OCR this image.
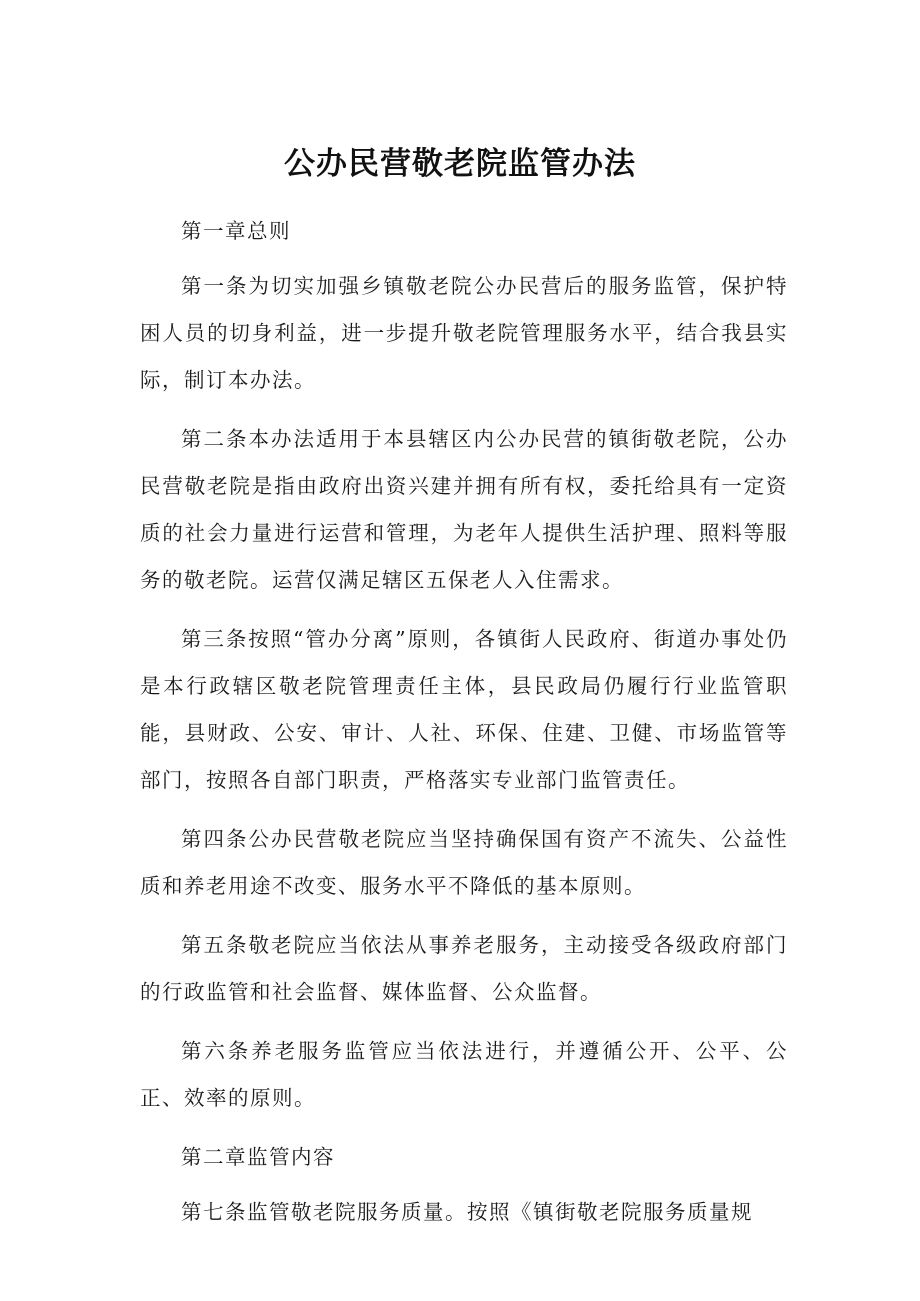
公办民营敬老院监管办法

第一章总则

第一条为切实加强乡镇敬老院公办民营后的服务监管，保护特困人员的切身利益，进一步提升敬老院管理服务水平，结合我县实际，制订本办法。

第二条本办法适用于本县辖区内公办民营的镇街敬老院，公办民营敬老院是指由政府出资兴建并拥有所有权，委托给具有一定资质的社会力量进行运营和管理，为老年人提供生活护理、照料等服务的敬老院。运营仅满足辖区五保老人入住需求。

第三条按照“管办分离”原则，各镇街人民政府、街道办事处仍是本行政辖区敬老院管理责任主体，县民政局仍履行行业监管职能，县财政、公安、审计、人社、环保、住建、卫健、市场监管等部门，按照各自部门职责，严格落实专业部门监管责任。

第四条公办民营敬老院应当坚持确保国有资产不流失、公益性质和养老用途不改变、服务水平不降低的基本原则。

第五条敬老院应当依法从事养老服务，主动接受各级政府部门的行政监管和社会监督、媒体监督、公众监督。

第六条养老服务监管应当依法进行，并遵循公开、公平、公正、效率的原则。

第二章监管内容

第七条监管敬老院服务质量。按照《镇街敬老院服务质量规
